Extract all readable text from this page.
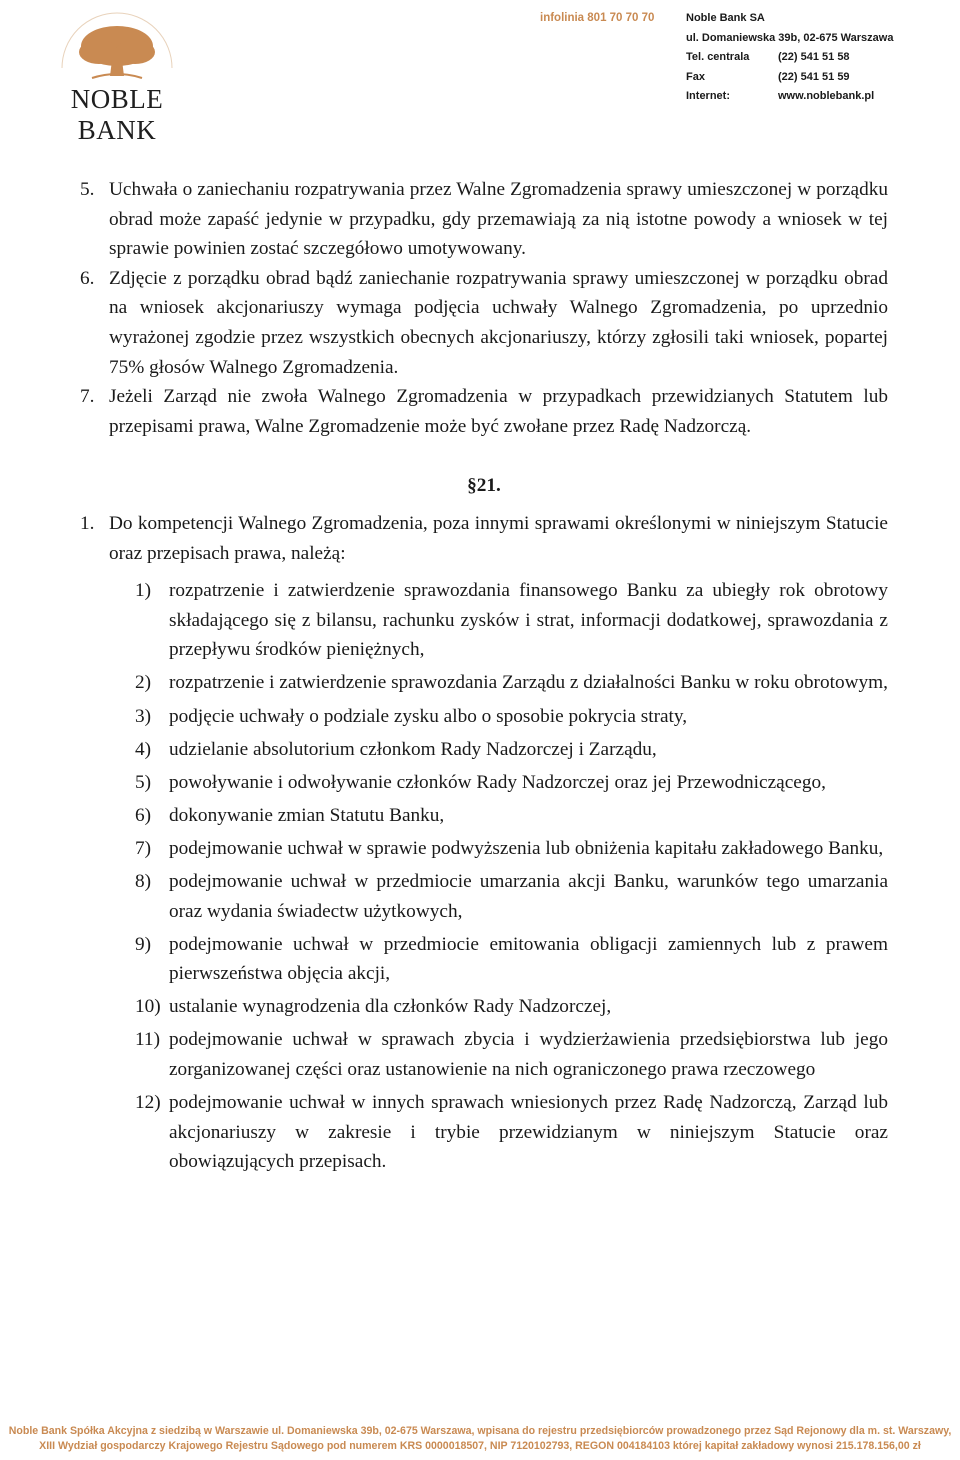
NOBLE BANK
infolinia 801 70 70 70	Noble Bank SA
ul. Domaniewska 39b, 02-675 Warszawa
Tel. centrala	(22) 541 51 58
Fax	(22) 541 51 59
Internet:	www.noblebank.pl
5. Uchwała o zaniechaniu rozpatrywania przez Walne Zgromadzenia sprawy umieszczonej w porządku obrad może zapaść jedynie w przypadku, gdy przemawiają za nią istotne powody a wniosek w tej sprawie powinien zostać szczegółowo umotywowany.
6. Zdjęcie z porządku obrad bądź zaniechanie rozpatrywania sprawy umieszczonej w porządku obrad na wniosek akcjonariuszy wymaga podjęcia uchwały Walnego Zgromadzenia, po uprzednio wyrażonej zgodzie przez wszystkich obecnych akcjonariuszy, którzy zgłosili taki wniosek, popartej 75% głosów Walnego Zgromadzenia.
7. Jeżeli Zarząd nie zwoła Walnego Zgromadzenia w przypadkach przewidzianych Statutem lub przepisami prawa, Walne Zgromadzenie może być zwołane przez Radę Nadzorczą.
§21.
1. Do kompetencji Walnego Zgromadzenia, poza innymi sprawami określonymi w niniejszym Statucie oraz przepisach prawa, należą:
1) rozpatrzenie i zatwierdzenie sprawozdania finansowego Banku za ubiegły rok obrotowy składającego się z bilansu, rachunku zysków i strat, informacji dodatkowej, sprawozdania z przepływu środków pieniężnych,
2) rozpatrzenie i zatwierdzenie sprawozdania Zarządu z działalności Banku w roku obrotowym,
3) podjęcie uchwały o podziale zysku albo o sposobie pokrycia straty,
4) udzielanie absolutorium członkom Rady Nadzorczej i Zarządu,
5) powoływanie i odwoływanie członków Rady Nadzorczej oraz jej Przewodniczącego,
6) dokonywanie zmian Statutu Banku,
7) podejmowanie uchwał w sprawie podwyższenia lub obniżenia kapitału zakładowego Banku,
8) podejmowanie uchwał w przedmiocie umarzania akcji Banku, warunków tego umarzania oraz wydania świadectw użytkowych,
9) podejmowanie uchwał w przedmiocie emitowania obligacji zamiennych lub z prawem pierwszeństwa objęcia akcji,
10) ustalanie wynagrodzenia dla członków Rady Nadzorczej,
11) podejmowanie uchwał w sprawach zbycia i wydzierżawienia przedsiębiorstwa lub jego zorganizowanej części oraz ustanowienie na nich ograniczonego prawa rzeczowego
12) podejmowanie uchwał w innych sprawach wniesionych przez Radę Nadzorczą, Zarząd lub akcjonariuszy w zakresie i trybie przewidzianym w niniejszym Statucie oraz obowiązujących przepisach.
Noble Bank Spółka Akcyjna z siedzibą w Warszawie ul. Domaniewska 39b, 02-675 Warszawa, wpisana do rejestru przedsiębiorców prowadzonego przez Sąd Rejonowy dla m. st. Warszawy,
XIII Wydział gospodarczy Krajowego Rejestru Sądowego pod numerem KRS 0000018507, NIP 7120102793, REGON 004184103 której kapitał zakładowy wynosi 215.178.156,00 zł
